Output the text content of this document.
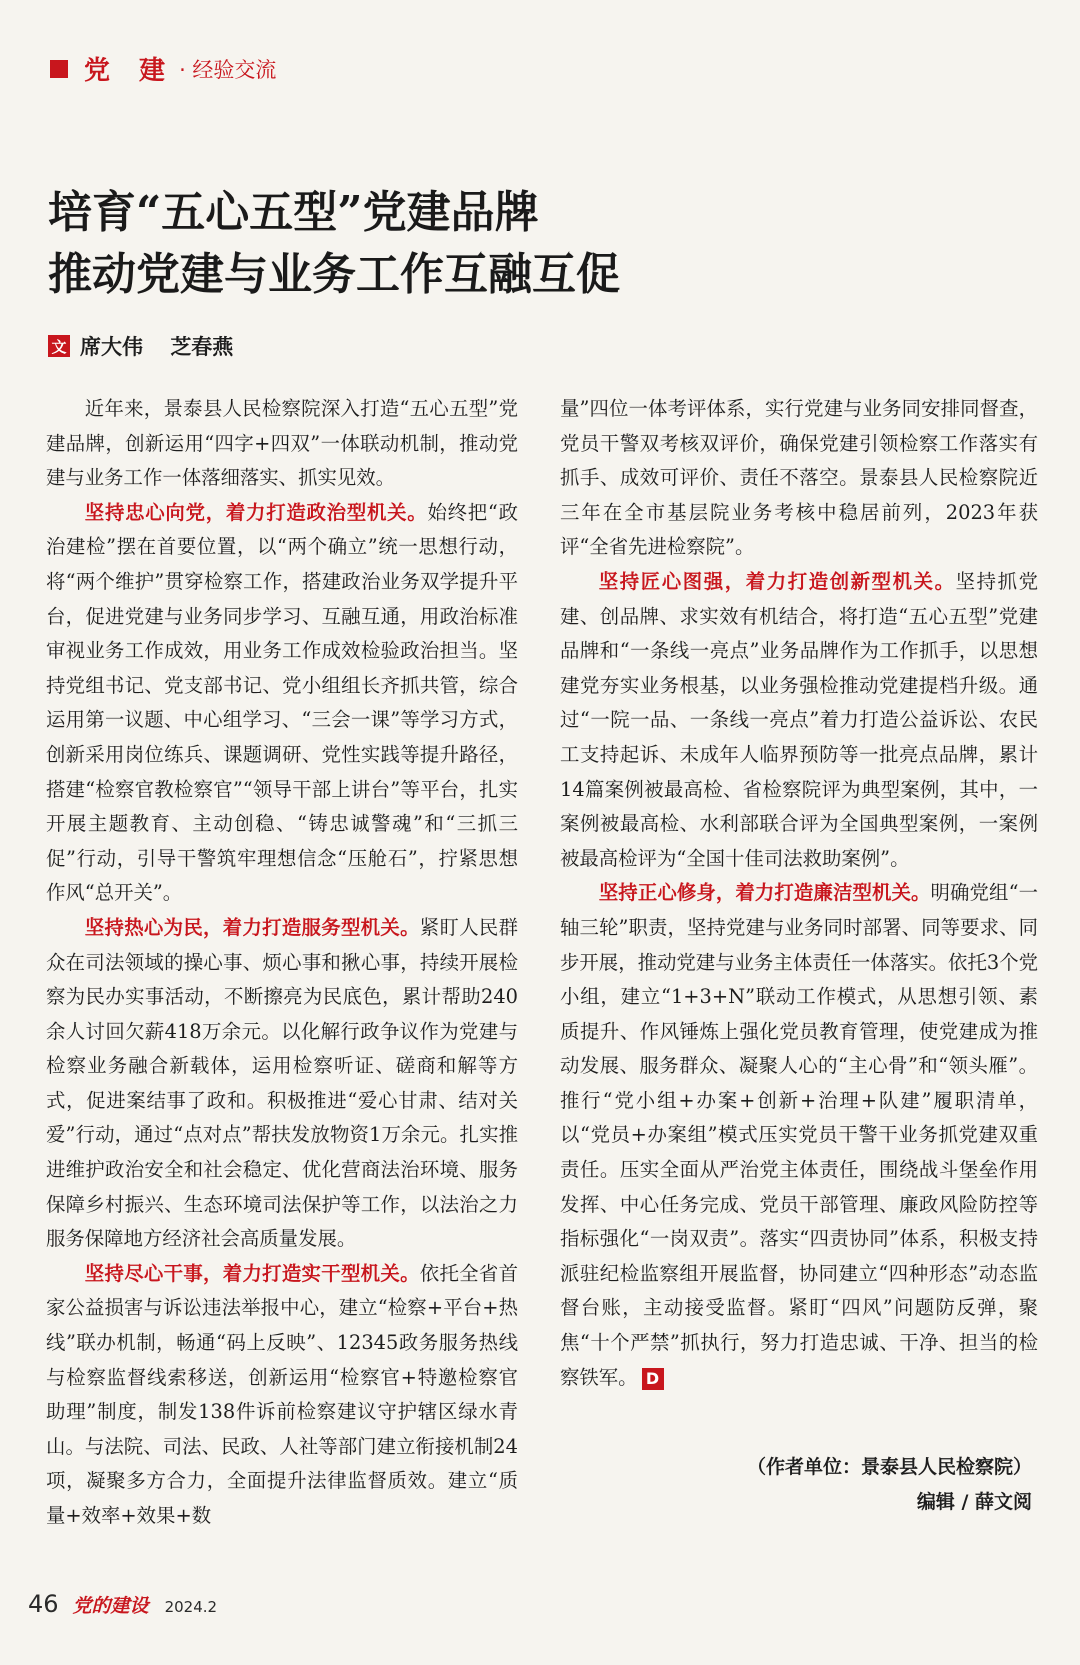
党 建 · 经验交流
培育“五心五型”党建品牌
推动党建与业务工作互融互促
文 席大伟 芝春燕

近年来，景泰县人民检察院深入打造“五心五型”党建品牌，创新运用“四字+四双”一体联动机制，推动党建与业务工作一体落细落实、抓实见效。

坚持忠心向党，着力打造政治型机关。始终把“政治建检”摆在首要位置，以“两个确立”统一思想行动，将“两个维护”贯穿检察工作，搭建政治业务双学提升平台，促进党建与业务同步学习、互融互通，用政治标准审视业务工作成效，用业务工作成效检验政治担当。坚持党组书记、党支部书记、党小组组长齐抓共管，综合运用第一议题、中心组学习、“三会一课”等学习方式，创新采用岗位练兵、课题调研、党性实践等提升路径，搭建“检察官教检察官”“领导干部上讲台”等平台，扎实开展主题教育、主动创稳、“铸忠诚警魂”和“三抓三促”行动，引导干警筑牢理想信念“压舱石”，拧紧思想作风“总开关”。

坚持热心为民，着力打造服务型机关。紧盯人民群众在司法领域的操心事、烦心事和揪心事，持续开展检察为民办实事活动，不断擦亮为民底色，累计帮助240余人讨回欠薪418万余元。以化解行政争议作为党建与检察业务融合新载体，运用检察听证、磋商和解等方式，促进案结事了政和。积极推进“爱心甘肃、结对关爱”行动，通过“点对点”帮扶发放物资1万余元。扎实推进维护政治安全和社会稳定、优化营商法治环境、服务保障乡村振兴、生态环境司法保护等工作，以法治之力服务保障地方经济社会高质量发展。

坚持尽心干事，着力打造实干型机关。依托全省首家公益损害与诉讼违法举报中心，建立“检察+平台+热线”联办机制，畅通“码上反映”、12345政务服务热线与检察监督线索移送，创新运用“检察官+特邀检察官助理”制度，制发138件诉前检察建议守护辖区绿水青山。与法院、司法、民政、人社等部门建立衔接机制24项，凝聚多方合力，全面提升法律监督质效。建立“质量+效率+效果+数

量”四位一体考评体系，实行党建与业务同安排同督查，党员干警双考核双评价，确保党建引领检察工作落实有抓手、成效可评价、责任不落空。景泰县人民检察院近三年在全市基层院业务考核中稳居前列，2023年获评“全省先进检察院”。

坚持匠心图强，着力打造创新型机关。坚持抓党建、创品牌、求实效有机结合，将打造“五心五型”党建品牌和“一条线一亮点”业务品牌作为工作抓手，以思想建党夯实业务根基，以业务强检推动党建提档升级。通过“一院一品、一条线一亮点”着力打造公益诉讼、农民工支持起诉、未成年人临界预防等一批亮点品牌，累计14篇案例被最高检、省检察院评为典型案例，其中，一案例被最高检、水利部联合评为全国典型案例，一案例被最高检评为“全国十佳司法救助案例”。

坚持正心修身，着力打造廉洁型机关。明确党组“一轴三轮”职责，坚持党建与业务同时部署、同等要求、同步开展，推动党建与业务主体责任一体落实。依托3个党小组，建立“1+3+N”联动工作模式，从思想引领、素质提升、作风锤炼上强化党员教育管理，使党建成为推动发展、服务群众、凝聚人心的“主心骨”和“领头雁”。推行“党小组+办案+创新+治理+队建”履职清单，以“党员+办案组”模式压实党员干警干业务抓党建双重责任。压实全面从严治党主体责任，围绕战斗堡垒作用发挥、中心任务完成、党员干部管理、廉政风险防控等指标强化“一岗双责”。落实“四责协同”体系，积极支持派驻纪检监察组开展监督，协同建立“四种形态”动态监督台账，主动接受监督。紧盯“四风”问题防反弹，聚焦“十个严禁”抓执行，努力打造忠诚、干净、担当的检察铁军。 D

（作者单位：景泰县人民检察院）
编辑 / 薛文阅
46 党的建设 2024.2
